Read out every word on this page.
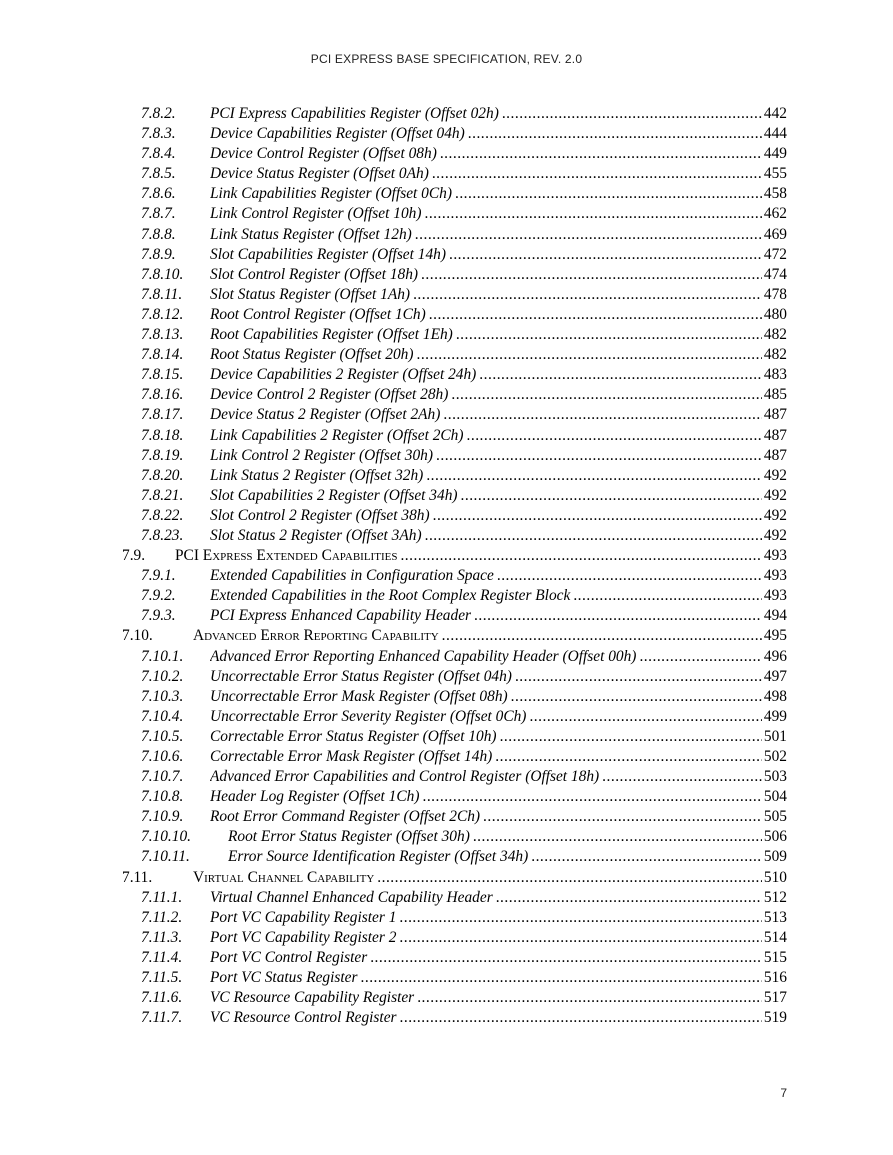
PCI EXPRESS BASE SPECIFICATION, REV. 2.0
7.8.2. PCI Express Capabilities Register (Offset 02h) .....	442
7.8.3. Device Capabilities Register (Offset 04h) .....	444
7.8.4. Device Control Register (Offset 08h) .....	449
7.8.5. Device Status Register (Offset 0Ah) .....	455
7.8.6. Link Capabilities Register (Offset 0Ch) .....	458
7.8.7. Link Control Register (Offset 10h) .....	462
7.8.8. Link Status Register (Offset 12h) .....	469
7.8.9. Slot Capabilities Register (Offset 14h) .....	472
7.8.10. Slot Control Register (Offset 18h) .....	474
7.8.11. Slot Status Register (Offset 1Ah) .....	478
7.8.12. Root Control Register (Offset 1Ch) .....	480
7.8.13. Root Capabilities Register (Offset 1Eh) .....	482
7.8.14. Root Status Register (Offset 20h) .....	482
7.8.15. Device Capabilities 2 Register (Offset 24h) .....	483
7.8.16. Device Control 2 Register (Offset 28h) .....	485
7.8.17. Device Status 2 Register (Offset 2Ah) .....	487
7.8.18. Link Capabilities 2 Register (Offset 2Ch) .....	487
7.8.19. Link Control 2 Register (Offset 30h) .....	487
7.8.20. Link Status 2 Register (Offset 32h) .....	492
7.8.21. Slot Capabilities 2 Register (Offset 34h) .....	492
7.8.22. Slot Control 2 Register (Offset 38h) .....	492
7.8.23. Slot Status 2 Register (Offset 3Ah) .....	492
7.9. PCI Express Extended Capabilities .....	493
7.9.1. Extended Capabilities in Configuration Space .....	493
7.9.2. Extended Capabilities in the Root Complex Register Block .....	493
7.9.3. PCI Express Enhanced Capability Header .....	494
7.10.	Advanced Error Reporting Capability .....	495
7.10.1. Advanced Error Reporting Enhanced Capability Header (Offset 00h) .....	496
7.10.2. Uncorrectable Error Status Register (Offset 04h) .....	497
7.10.3. Uncorrectable Error Mask Register (Offset 08h) .....	498
7.10.4. Uncorrectable Error Severity Register (Offset 0Ch) .....	499
7.10.5. Correctable Error Status Register (Offset 10h) .....	501
7.10.6. Correctable Error Mask Register (Offset 14h) .....	502
7.10.7. Advanced Error Capabilities and Control Register (Offset 18h) .....	503
7.10.8. Header Log Register (Offset 1Ch) .....	504
7.10.9. Root Error Command Register (Offset 2Ch) .....	505
7.10.10. Root Error Status Register (Offset 30h) .....	506
7.10.11. Error Source Identification Register (Offset 34h) .....	509
7.11.	Virtual Channel Capability .....	510
7.11.1. Virtual Channel Enhanced Capability Header .....	512
7.11.2. Port VC Capability Register 1 .....	513
7.11.3. Port VC Capability Register 2 .....	514
7.11.4. Port VC Control Register .....	515
7.11.5. Port VC Status Register .....	516
7.11.6. VC Resource Capability Register .....	517
7.11.7. VC Resource Control Register .....	519
7
